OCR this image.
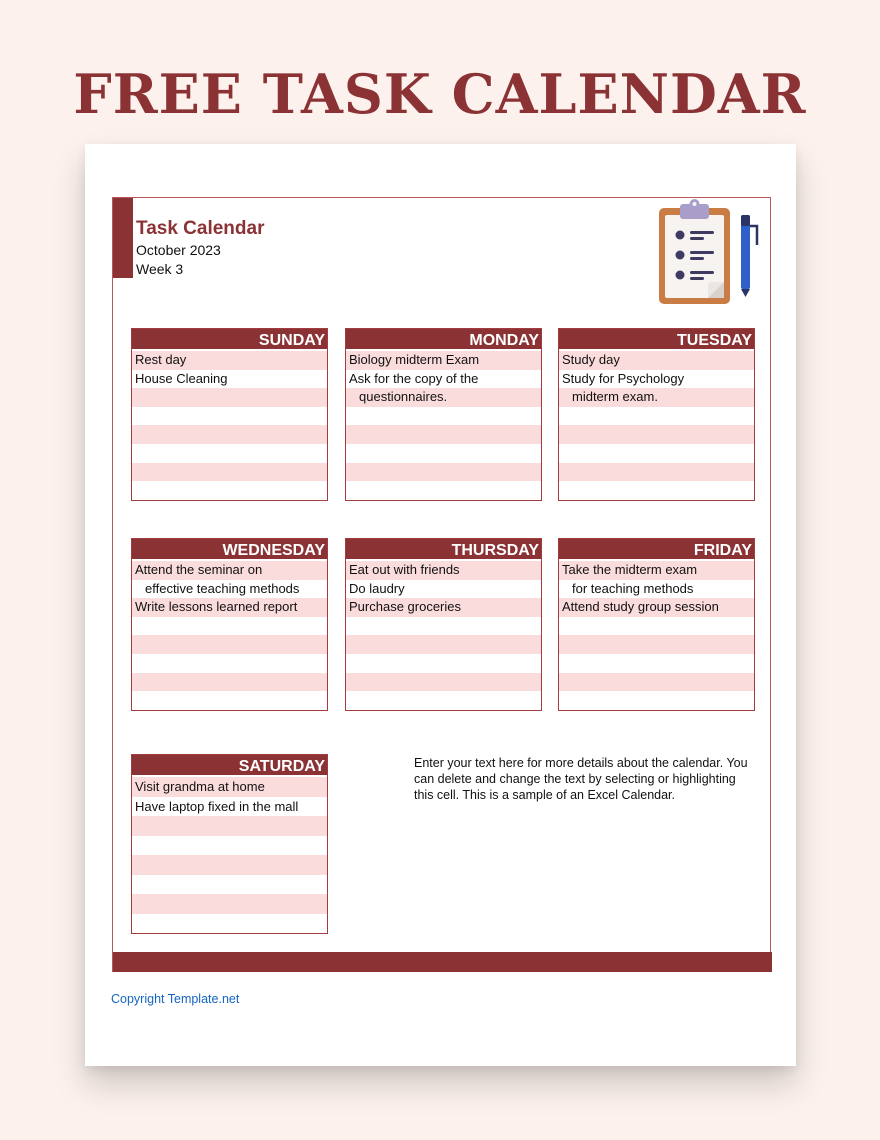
FREE TASK CALENDAR
Task Calendar
October 2023
Week 3
SUNDAY
Rest day
House Cleaning
MONDAY
Biology midterm Exam
Ask for the copy of the
questionnaires.
TUESDAY
Study day
Study for Psychology
midterm exam.
WEDNESDAY
Attend the seminar on
effective teaching methods
Write lessons learned report
THURSDAY
Eat out with friends
Do laudry
Purchase groceries
FRIDAY
Take the midterm exam
for teaching methods
Attend study group session
SATURDAY
Visit grandma at home
Have laptop fixed in the mall
Enter your text here for more details about the calendar. You can delete and change the text by selecting or highlighting this cell. This is a sample of an Excel Calendar.
Copyright Template.net
